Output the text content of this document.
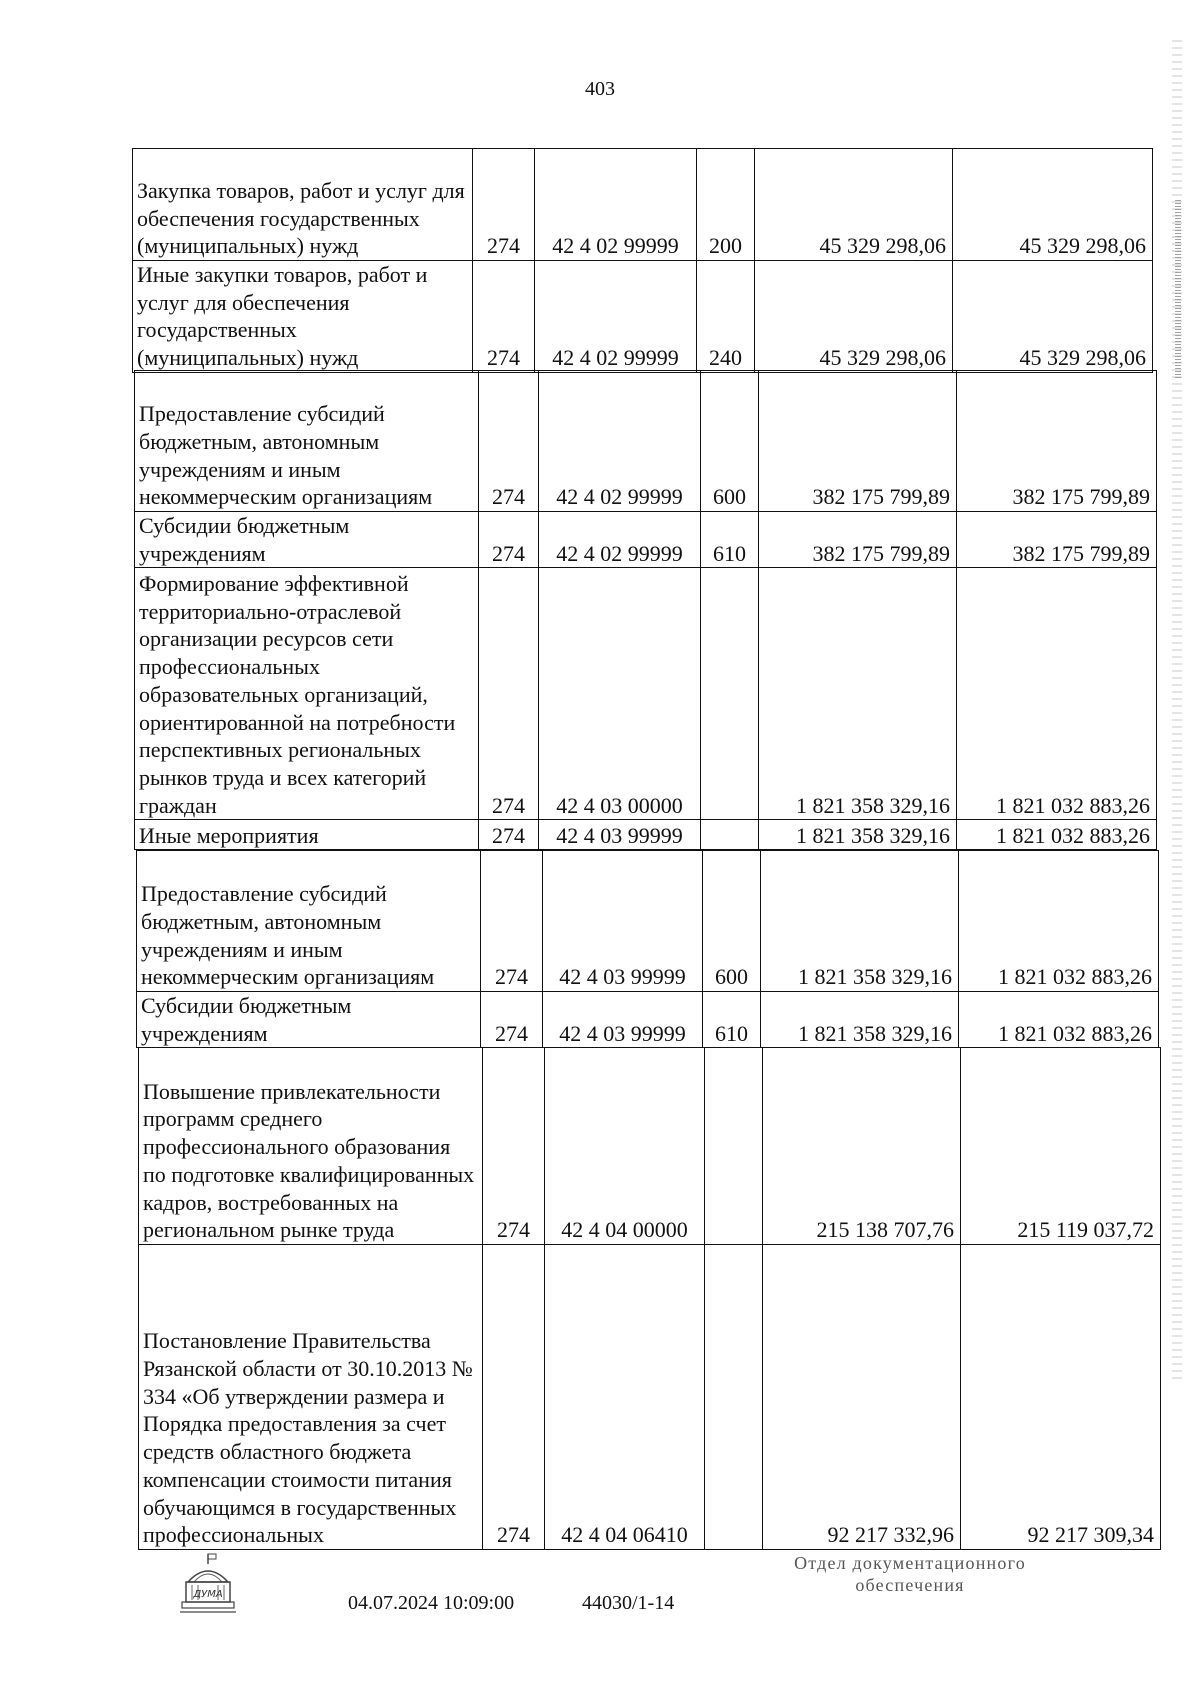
403
Закупка товаров, работ и услуг для обеспечения государственных (муниципальных) нужд	274	42 4 02 99999	200	45 329 298,06	45 329 298,06
Иные закупки товаров, работ и услуг для обеспечения государственных (муниципальных) нужд	274	42 4 02 99999	240	45 329 298,06	45 329 298,06
Предоставление субсидий бюджетным, автономным учреждениям и иным некоммерческим организациям	274	42 4 02 99999	600	382 175 799,89	382 175 799,89
Субсидии бюджетным учреждениям	274	42 4 02 99999	610	382 175 799,89	382 175 799,89
Формирование эффективной территориально-отраслевой организации ресурсов сети профессиональных образовательных организаций, ориентированной на потребности перспективных региональных рынков труда и всех категорий граждан	274	42 4 03 00000		1 821 358 329,16	1 821 032 883,26
Иные мероприятия	274	42 4 03 99999		1 821 358 329,16	1 821 032 883,26
Предоставление субсидий бюджетным, автономным учреждениям и иным некоммерческим организациям	274	42 4 03 99999	600	1 821 358 329,16	1 821 032 883,26
Субсидии бюджетным учреждениям	274	42 4 03 99999	610	1 821 358 329,16	1 821 032 883,26
Повышение привлекательности программ среднего профессионального образования по подготовке квалифицированных кадров, востребованных на региональном рынке труда	274	42 4 04 00000		215 138 707,76	215 119 037,72
Постановление Правительства Рязанской области от 30.10.2013 № 334 «Об утверждении размера и Порядка предоставления за счет средств областного бюджета компенсации стоимости питания обучающимся в государственных профессиональных	274	42 4 04 06410		92 217 332,96	92 217 309,34
ДУМА	04.07.2024 10:09:00	44030/1-14
Отдел документационного обеспечения
